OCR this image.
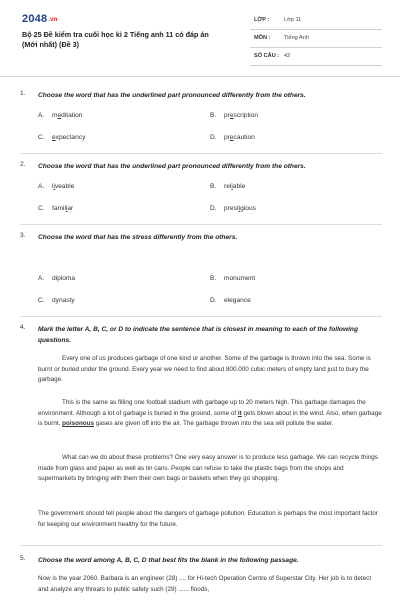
2048.vn
Bộ 25 Đề kiểm tra cuối học kì 2 Tiếng anh 11 có đáp án (Mới nhất) (Đề 3)
LỚP :	Lớp 11
MÔN : Tiếng Anh
SỐ CÂU : 42
1. Choose the word that has the underlined part pronounced differently from the others.
A. meditation	B. prescription
C. expectancy	D. precaution
2. Choose the word that has the underlined part pronounced differently from the others.
A. liveable	B. reliable
C. familiar	D. prestigious
3. Choose the word that has the stress differently from the others.
A. diploma	B. monument
C. dynasty	D. elegance
4. Mark the letter A, B, C, or D to indicate the sentence that is closest in meaning to each of the following questions.
Every one of us produces garbage of one kind or another. Some of the garbage is thrown into the sea. Some is burnt or buried under the ground. Every year we need to find about 800.000 cubic meters of empty land just to bury the garbage.
This is the same as filling one football stadium with garbage up to 20 meters high. This garbage damages the environment. Although a lot of garbage is buried in the ground, some of it gets blown about in the wind. Also, when garbage is burnt, poisonous gases are given off into the air. The garbage thrown into the sea will pollute the water.
What can we do about these problems? One very easy answer is to produce less garbage. We can recycle things made from glass and paper as well as tin cans. People can refuse to take the plastic bags from the shops and supermarkets by bringing with them their own bags or baskets when they go shopping.
The government should tell people about the dangers of garbage pollution. Education is perhaps the most important factor for keeping our environment healthy for the future.
5. Choose the word among A, B, C, D that best fits the blank in the following passage.
Now is the year 2060. Barbara is an engineer (28) .... for Hi-tech Operation Centre of Superstar City. Her job is to detect and analyze any threats to public safety such (29) ...... floods,
